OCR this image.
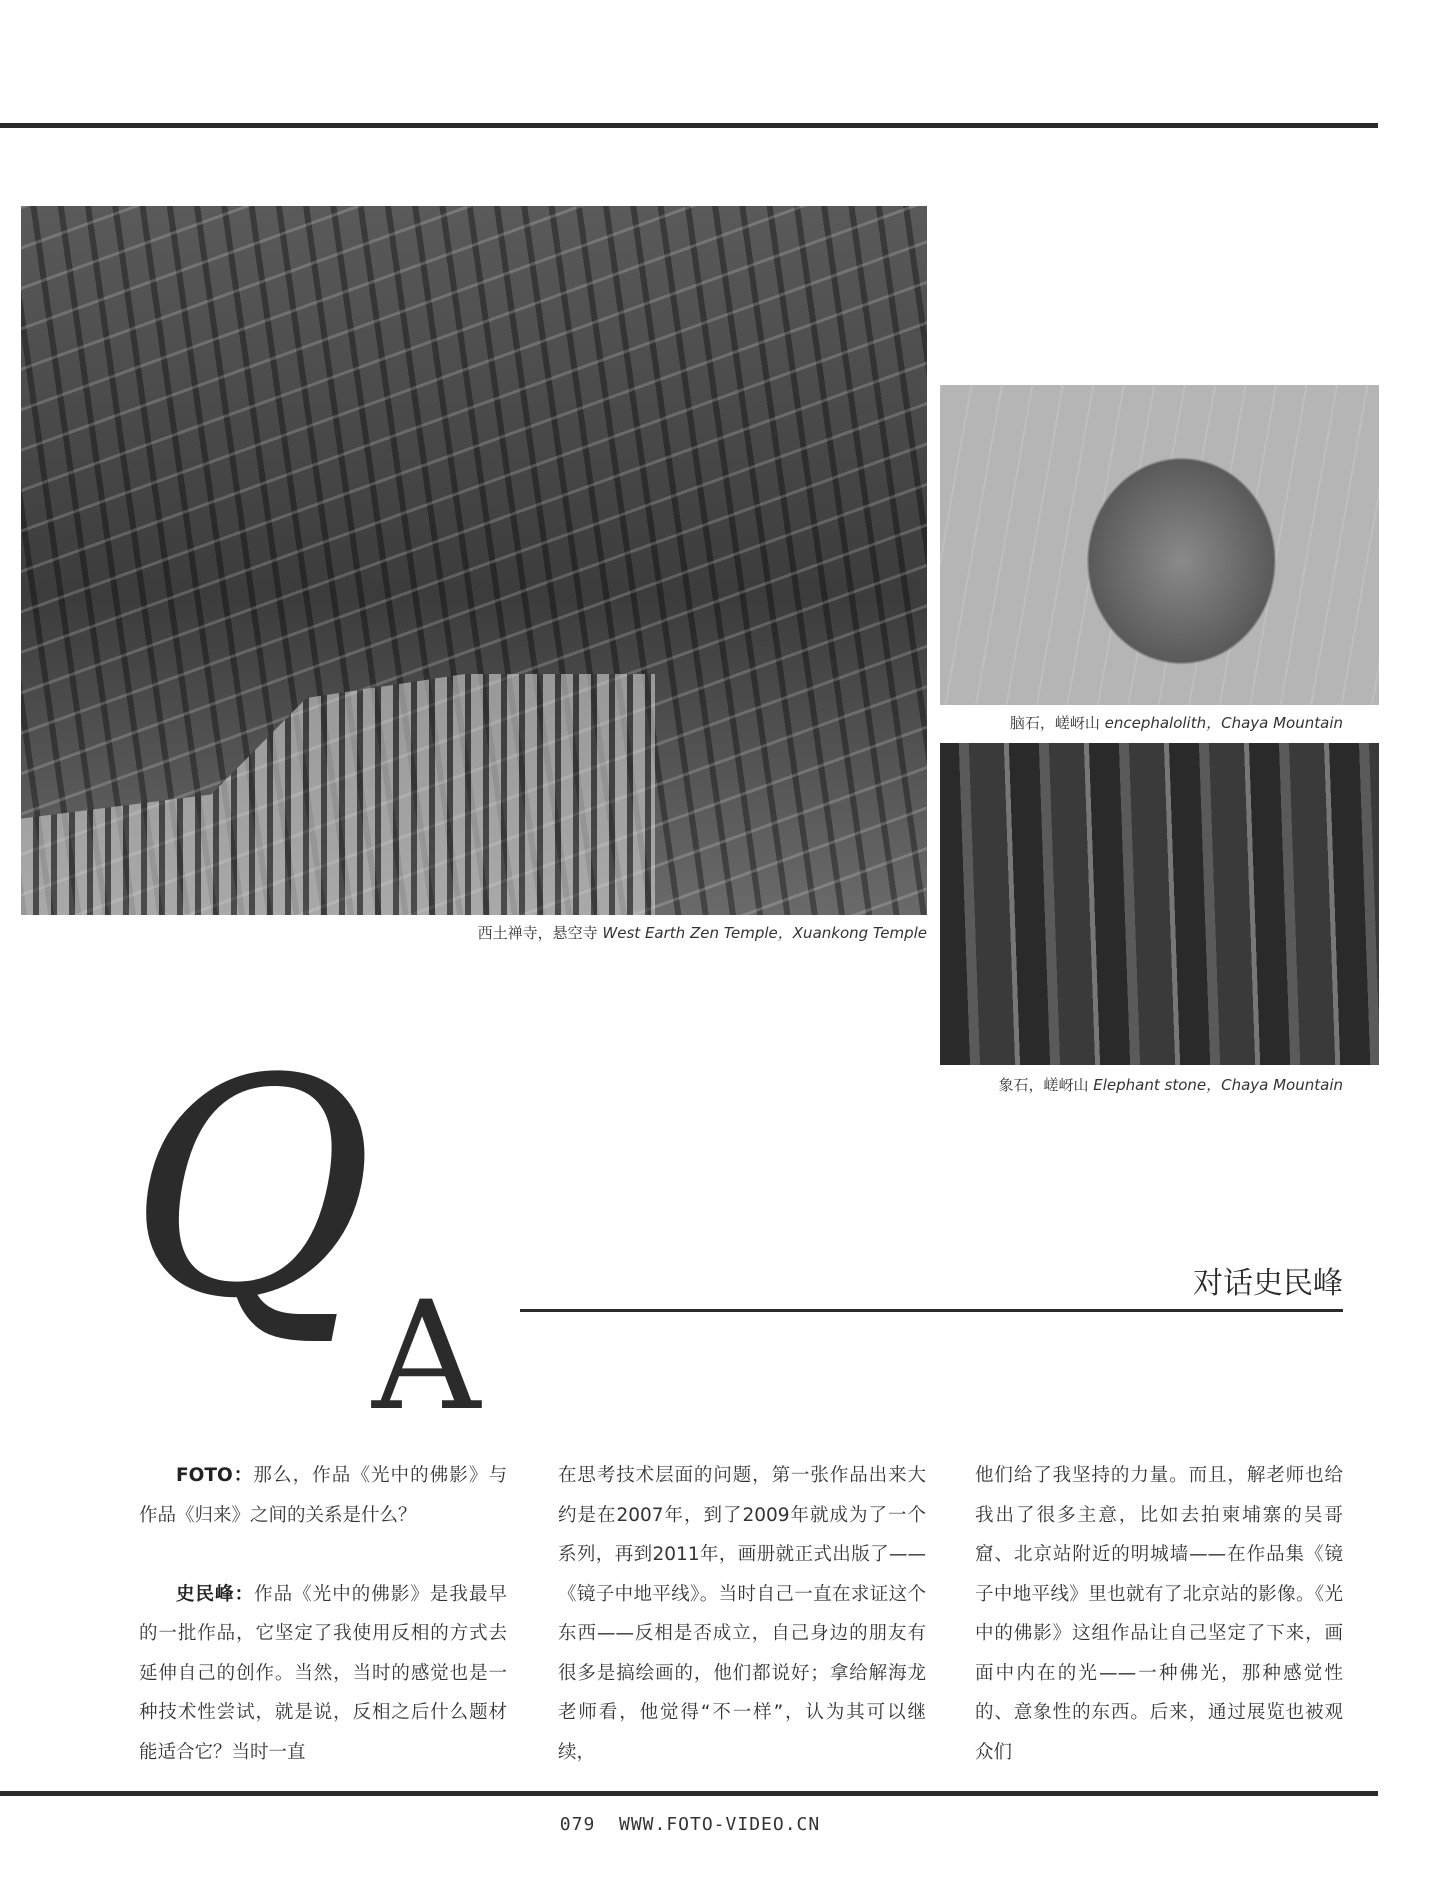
西土禅寺，悬空寺 West Earth Zen Temple，Xuankong Temple
脑石，嵯岈山 encephalolith，Chaya Mountain
象石，嵯岈山 Elephant stone，Chaya Mountain
Q
A	对话史民峰

FOTO：那么，作品《光中的佛影》与作品《归来》之间的关系是什么？

史民峰：作品《光中的佛影》是我最早的一批作品，它坚定了我使用反相的方式去延伸自己的创作。当然，当时的感觉也是一种技术性尝试，就是说，反相之后什么题材能适合它？当时一直

在思考技术层面的问题，第一张作品出来大约是在2007年，到了2009年就成为了一个系列，再到2011年，画册就正式出版了——《镜子中地平线》。当时自己一直在求证这个东西——反相是否成立，自己身边的朋友有很多是搞绘画的，他们都说好；拿给解海龙老师看，他觉得“不一样”，认为其可以继续，

他们给了我坚持的力量。而且，解老师也给我出了很多主意，比如去拍柬埔寨的吴哥窟、北京站附近的明城墙——在作品集《镜子中地平线》里也就有了北京站的影像。《光中的佛影》这组作品让自己坚定了下来，画面中内在的光——一种佛光，那种感觉性的、意象性的东西。后来，通过展览也被观众们

079 WWW.FOTO-VIDEO.CN
